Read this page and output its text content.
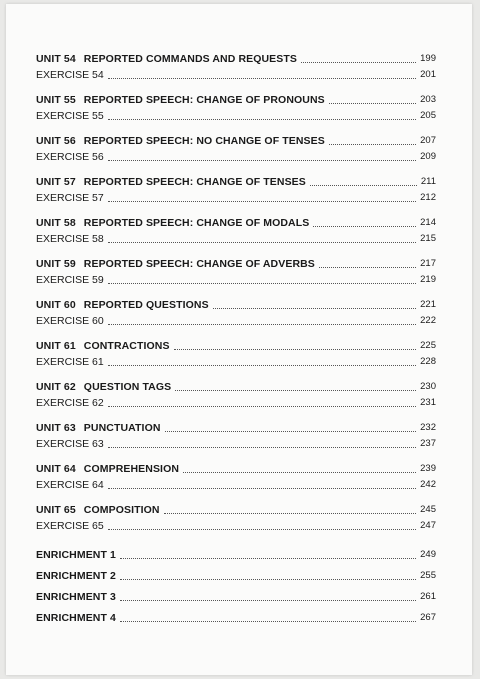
UNIT 54 REPORTED COMMANDS AND REQUESTS	199
EXERCISE 54	201
UNIT 55 REPORTED SPEECH: CHANGE OF PRONOUNS	203
EXERCISE 55	205
UNIT 56 REPORTED SPEECH: NO CHANGE OF TENSES	207
EXERCISE 56	209
UNIT 57 REPORTED SPEECH: CHANGE OF TENSES	211
EXERCISE 57	212
UNIT 58 REPORTED SPEECH: CHANGE OF MODALS	214
EXERCISE 58	215
UNIT 59 REPORTED SPEECH: CHANGE OF ADVERBS	217
EXERCISE 59	219
UNIT 60 REPORTED QUESTIONS	221
EXERCISE 60	222
UNIT 61 CONTRACTIONS	225
EXERCISE 61	228
UNIT 62 QUESTION TAGS	230
EXERCISE 62	231
UNIT 63 PUNCTUATION	232
EXERCISE 63	237
UNIT 64 COMPREHENSION	239
EXERCISE 64	242
UNIT 65 COMPOSITION	245
EXERCISE 65	247
ENRICHMENT 1	249
ENRICHMENT 2	255
ENRICHMENT 3	261
ENRICHMENT 4	267
